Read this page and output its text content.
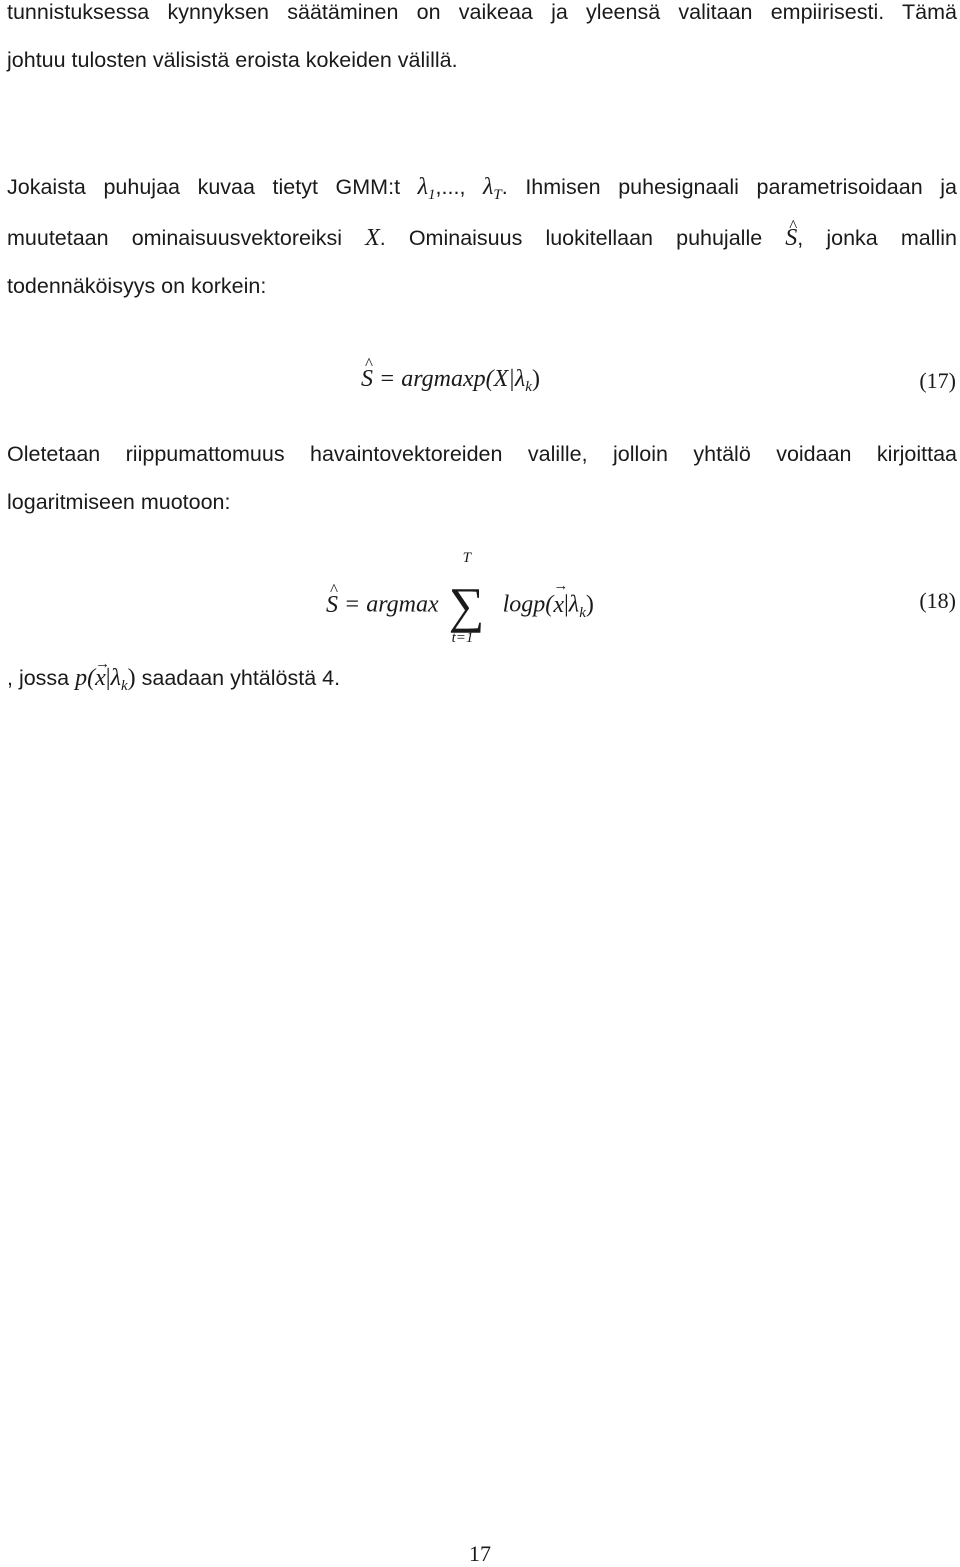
tunnistuksessa kynnyksen säätäminen on vaikeaa ja yleensä valitaan empiirisesti. Tämä
johtuu tulosten välisistä eroista kokeiden välillä.
Jokaista puhujaa kuvaa tietyt GMM:t $\lambda_1$,..., $\lambda_T$. Ihmisen puhesignaali parametrisoidaan ja
muutetaan ominaisuusvektoreiksi X. Ominaisuus luokitellaan puhujalle ^ S, jonka mallin
todennäköisyys on korkein:
^ $S = argmaxp(X|\lambda_k)$	(17)
Oletetaan riippumattomuus havaintovektoreiden valille, jolloin yhtälö voidaan kirjoittaa
logaritmiseen muotoon:
^ S = argmax
T
∑
t=1
$\log p(\to x|\lambda_k)$	(18)
, jossa $p(\to x|\lambda_k)$ saadaan yhtälöstä 4.
17
